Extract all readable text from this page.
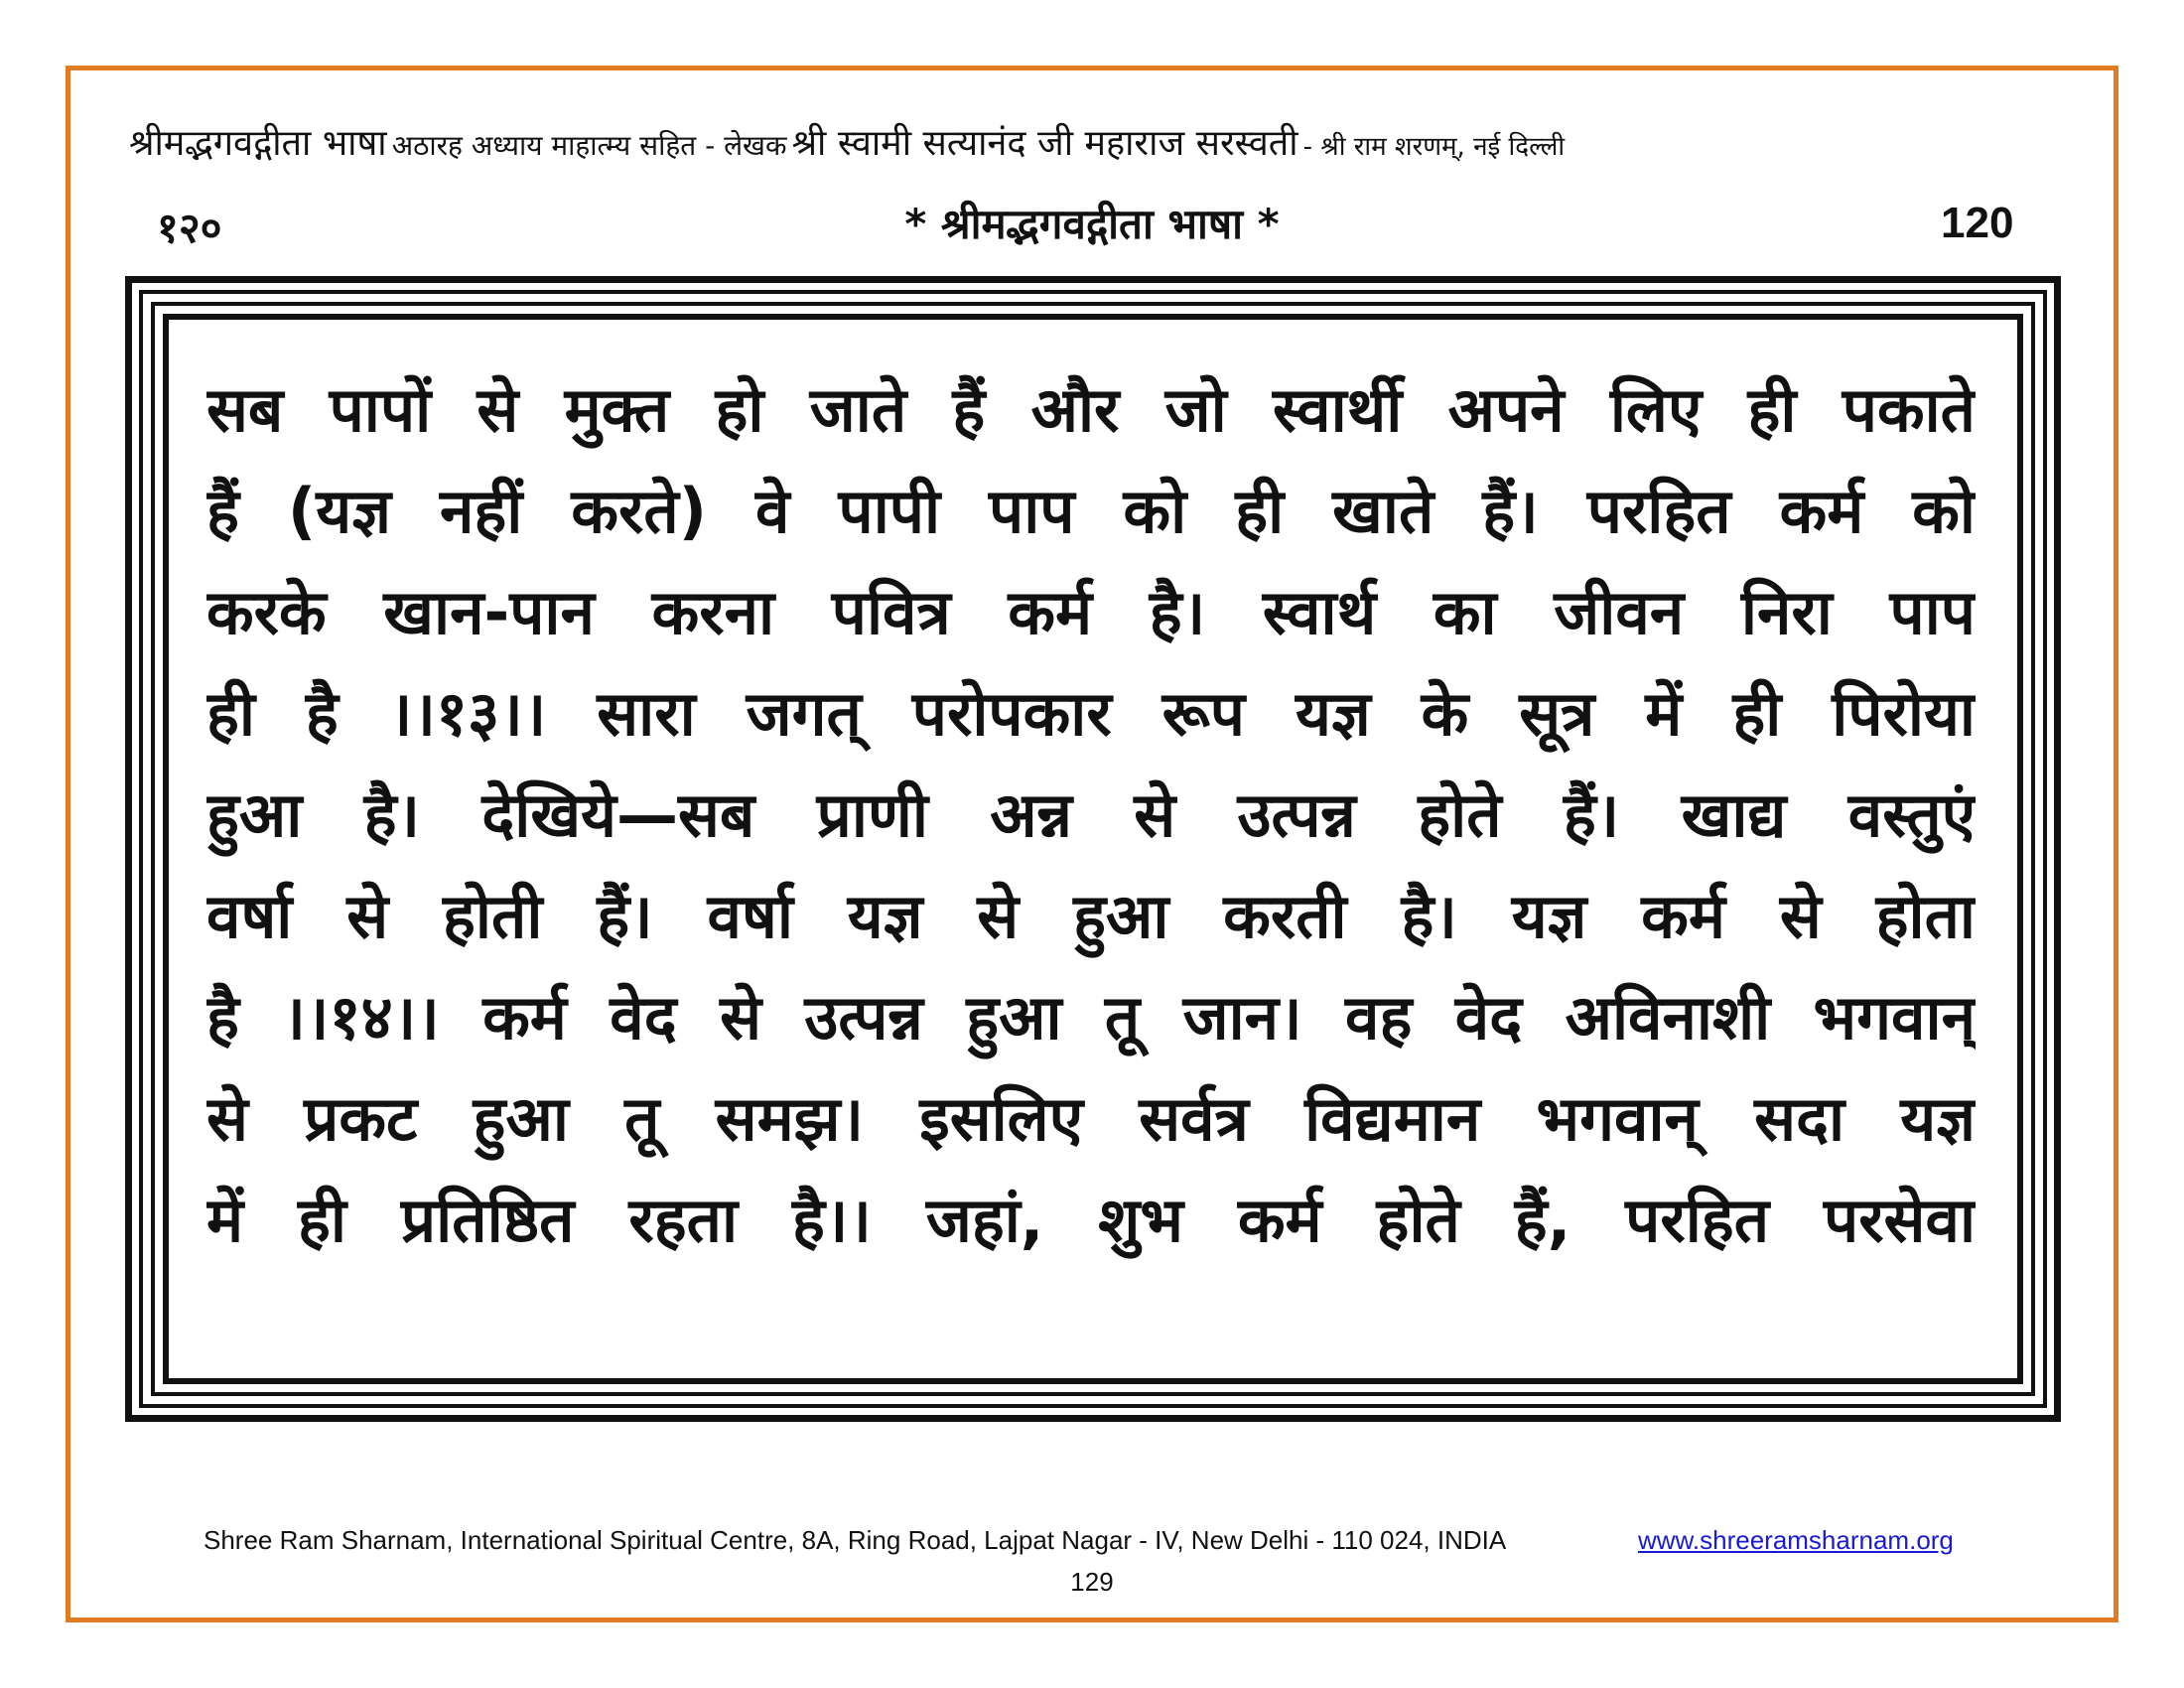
श्रीमद्भगवद्गीता भाषा अठारह अध्याय माहात्म्य सहित - लेखक श्री स्वामी सत्यानंद जी महाराज सरस्वती - श्री राम शरणम्, नई दिल्ली
१२०	* श्रीमद्भगवद्गीता भाषा *	120
सब पापों से मुक्त हो जाते हैं और जो स्वार्थी अपने लिए ही पकाते
हैं (यज्ञ नहीं करते) वे पापी पाप को ही खाते हैं। परहित कर्म को
करके खान-पान करना पवित्र कर्म है। स्वार्थ का जीवन निरा पाप
ही है ।।१३।। सारा जगत् परोपकार रूप यज्ञ के सूत्र में ही पिरोया
हुआ है। देखिये—सब प्राणी अन्न से उत्पन्न होते हैं। खाद्य वस्तुएं
वर्षा से होती हैं। वर्षा यज्ञ से हुआ करती है। यज्ञ कर्म से होता
है ।।१४।। कर्म वेद से उत्पन्न हुआ तू जान। वह वेद अविनाशी भगवान्
से प्रकट हुआ तू समझ। इसलिए सर्वत्र विद्यमान भगवान् सदा यज्ञ
में ही प्रतिष्ठित रहता है।। जहां, शुभ कर्म होते हैं, परहित परसेवा
Shree Ram Sharnam, International Spiritual Centre, 8A, Ring Road, Lajpat Nagar - IV, New Delhi - 110 024, INDIA	www.shreeramsharnam.org
129
